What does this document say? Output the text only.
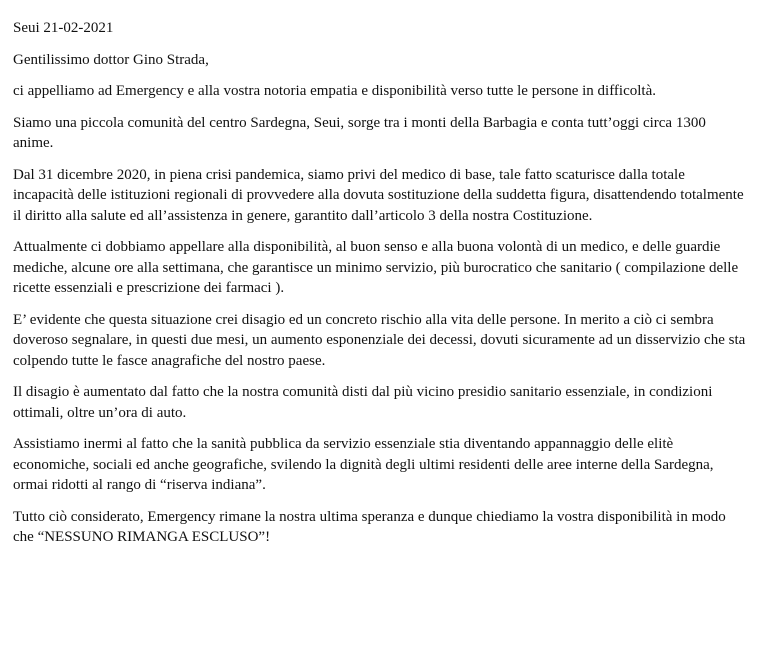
Seui 21-02-2021

Gentilissimo dottor Gino Strada,

ci appelliamo ad Emergency e alla vostra notoria empatia e disponibilità verso tutte le persone in difficoltà.

Siamo una piccola comunità del centro Sardegna, Seui, sorge tra i monti della Barbagia e conta tutt’oggi circa 1300 anime.

Dal 31 dicembre 2020, in piena crisi pandemica, siamo privi del medico di base, tale fatto scaturisce dalla totale incapacità delle istituzioni regionali di provvedere alla dovuta sostituzione della suddetta figura, disattendendo totalmente il diritto alla salute ed all’assistenza in genere, garantito dall’articolo 3 della nostra Costituzione.

Attualmente ci dobbiamo appellare alla disponibilità, al buon senso e alla buona volontà di un medico, e delle guardie mediche, alcune ore alla settimana, che garantisce un minimo servizio, più burocratico che sanitario ( compilazione delle ricette essenziali e prescrizione dei farmaci ).

E’ evidente che questa situazione crei disagio ed un concreto rischio alla vita delle persone. In merito a ciò ci sembra doveroso segnalare, in questi due mesi, un aumento esponenziale dei decessi, dovuti sicuramente ad un disservizio che sta colpendo tutte le fasce anagrafiche del nostro paese.

Il disagio è aumentato dal fatto che la nostra comunità disti dal più vicino presidio sanitario essenziale, in condizioni ottimali, oltre un’ora di auto.

Assistiamo inermi al fatto che la sanità pubblica da servizio essenziale stia diventando appannaggio delle elitè economiche, sociali ed anche geografiche, svilendo la dignità degli ultimi residenti delle aree interne della Sardegna, ormai ridotti al rango di “riserva indiana”.

Tutto ciò considerato, Emergency rimane la nostra ultima speranza e dunque chiediamo la vostra disponibilità in modo che “NESSUNO RIMANGA ESCLUSO”!
